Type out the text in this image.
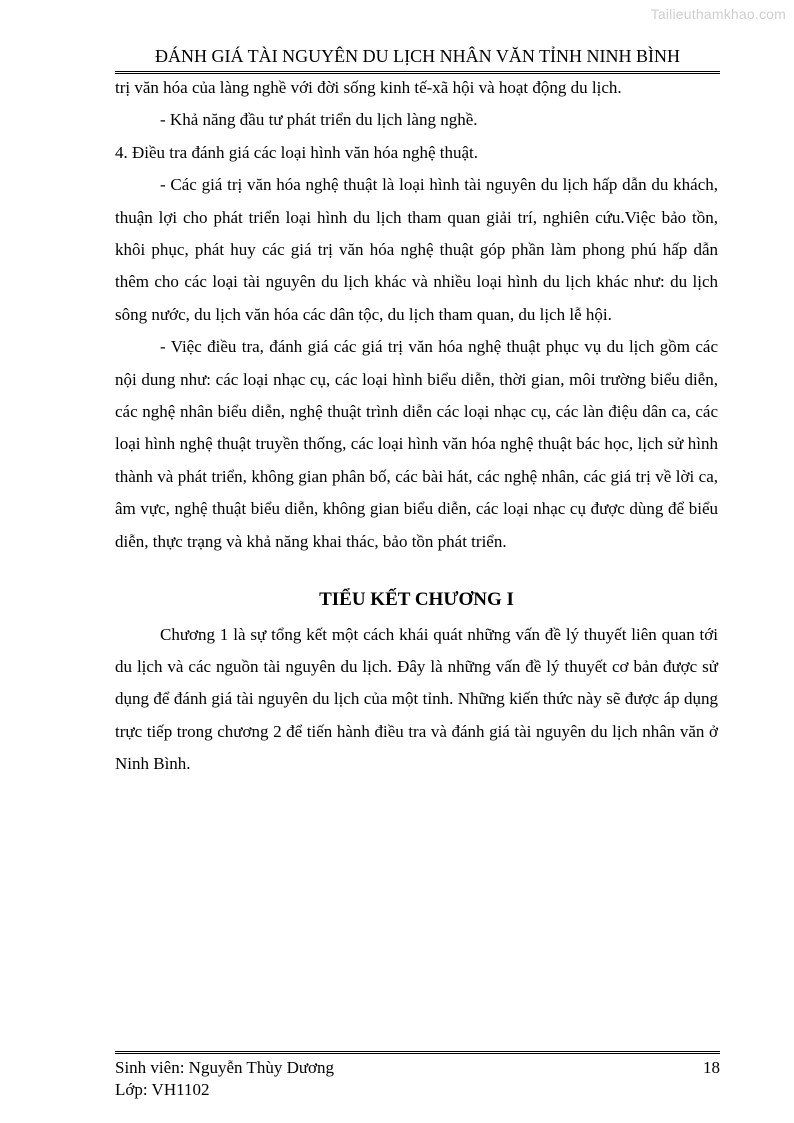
Tailieuthamkhao.com
ĐÁNH GIÁ TÀI NGUYÊN DU LỊCH NHÂN VĂN TỈNH NINH BÌNH

trị văn hóa của làng nghề với đời sống kinh tế-xã hội và hoạt động du lịch.

- Khả năng đầu tư phát triển du lịch làng nghề.

4. Điều tra đánh giá các loại hình văn hóa nghệ thuật.

- Các giá trị văn hóa nghệ thuật là loại hình tài nguyên du lịch hấp dẫn du khách, thuận lợi cho phát triển loại hình du lịch tham quan giải trí, nghiên cứu.Việc bảo tồn, khôi phục, phát huy các giá trị văn hóa nghệ thuật góp phần làm phong phú hấp dẫn thêm cho các loại tài nguyên du lịch khác và nhiều loại hình du lịch khác như: du lịch sông nước, du lịch văn hóa các dân tộc, du lịch tham quan, du lịch lễ hội.

- Việc điều tra, đánh giá các giá trị văn hóa nghệ thuật phục vụ du lịch gồm các nội dung như: các loại nhạc cụ, các loại hình biểu diễn, thời gian, môi trường biểu diễn, các nghệ nhân biểu diễn, nghệ thuật trình diễn các loại nhạc cụ, các làn điệu dân ca, các loại hình nghệ thuật truyền thống, các loại hình văn hóa nghệ thuật bác học, lịch sử hình thành và phát triển, không gian phân bố, các bài hát, các nghệ nhân, các giá trị về lời ca, âm vực, nghệ thuật biểu diễn, không gian biểu diễn, các loại nhạc cụ được dùng để biểu diễn, thực trạng và khả năng khai thác, bảo tồn phát triển.

TIỂU KẾT CHƯƠNG I

Chương 1 là sự tổng kết một cách khái quát những vấn đề lý thuyết liên quan tới du lịch và các nguồn tài nguyên du lịch. Đây là những vấn đề lý thuyết cơ bản được sử dụng để đánh giá tài nguyên du lịch của một tỉnh. Những kiến thức này sẽ được áp dụng trực tiếp trong chương 2 để tiến hành điều tra và đánh giá tài nguyên du lịch nhân văn ở Ninh Bình.

Sinh viên: Nguyễn Thùy Dương	18
Lớp: VH1102
